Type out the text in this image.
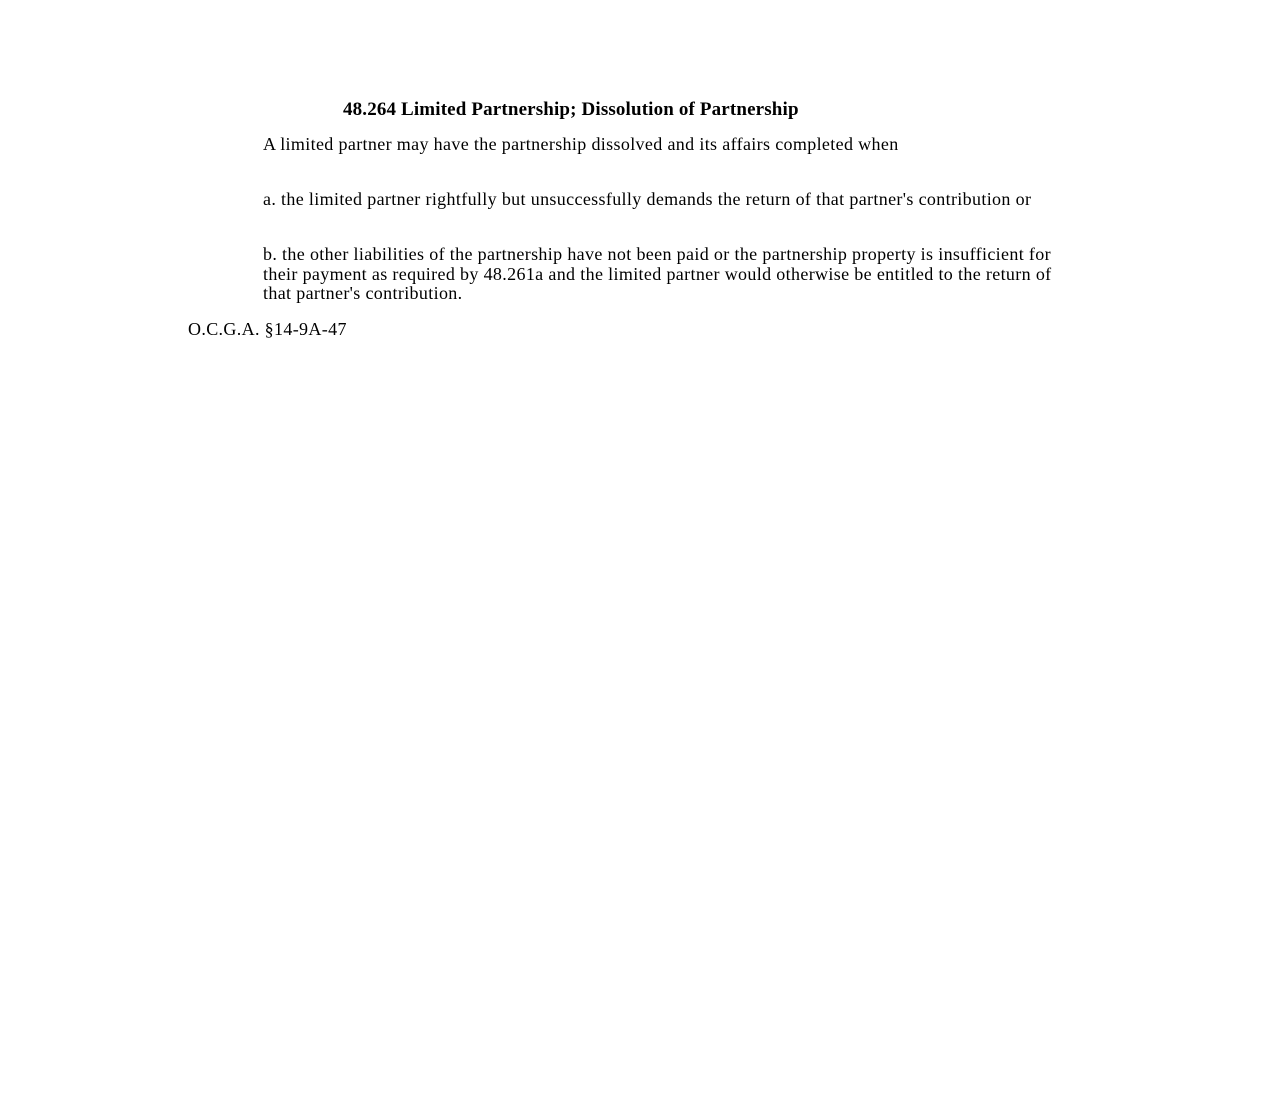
48.264 Limited Partnership; Dissolution of Partnership

A limited partner may have the partnership dissolved and its affairs completed when

a. the limited partner rightfully but unsuccessfully demands the return of that partner's contribution or

b. the other liabilities of the partnership have not been paid or the partnership property is insufficient for their payment as required by 48.261a and the limited partner would otherwise be entitled to the return of that partner's contribution.

O.C.G.A. §14-9A-47
